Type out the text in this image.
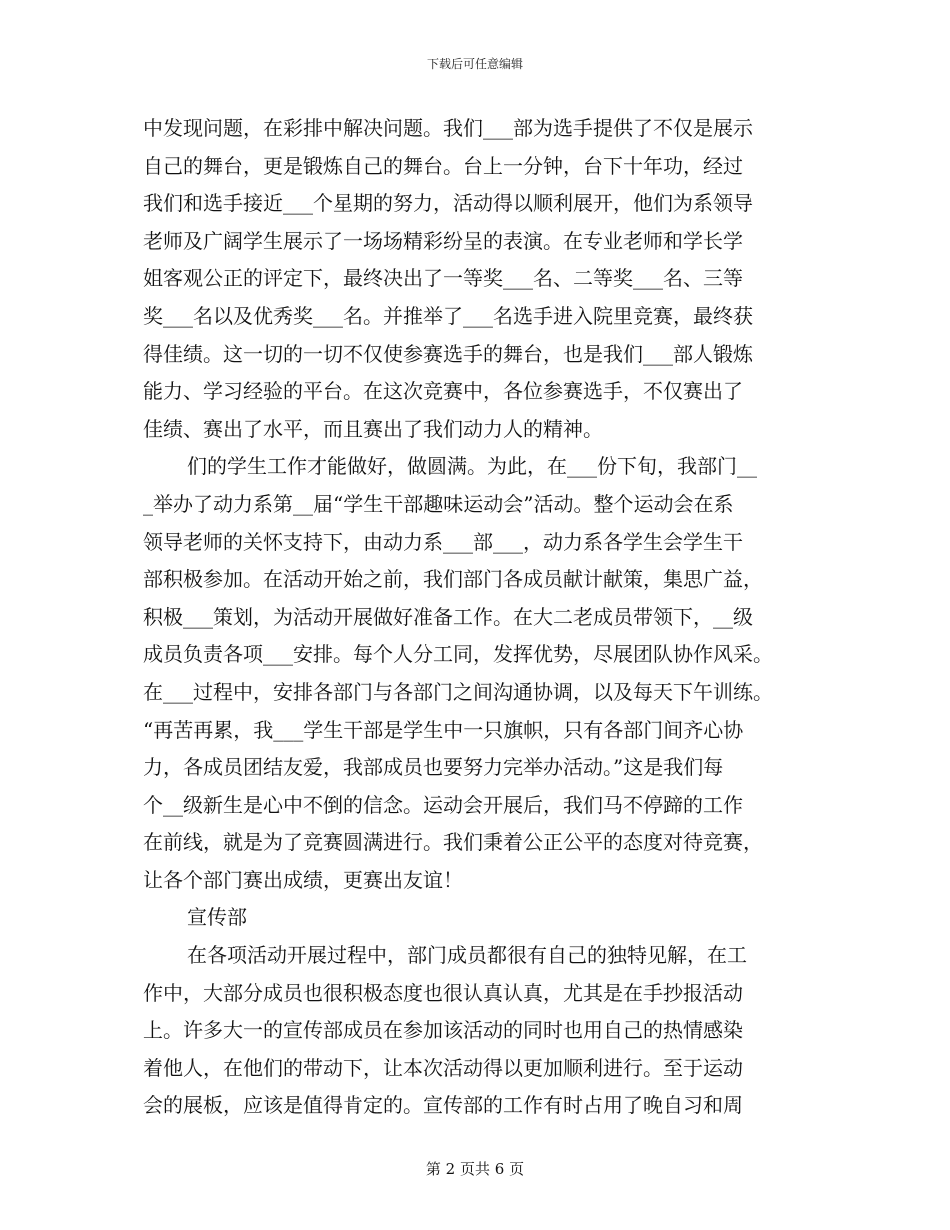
下载后可任意编辑
中发现问题，在彩排中解决问题。我们___部为选手提供了不仅是展示
自己的舞台，更是锻炼自己的舞台。台上一分钟，台下十年功，经过
我们和选手接近___个星期的努力，活动得以顺利展开，他们为系领导
老师及广阔学生展示了一场场精彩纷呈的表演。在专业老师和学长学
姐客观公正的评定下，最终决出了一等奖___名、二等奖___名、三等
奖___名以及优秀奖___名。并推举了___名选手进入院里竞赛，最终获
得佳绩。这一切的一切不仅使参赛选手的舞台，也是我们___部人锻炼
能力、学习经验的平台。在这次竞赛中，各位参赛选手，不仅赛出了
佳绩、赛出了水平，而且赛出了我们动力人的精神。
们的学生工作才能做好，做圆满。为此，在___份下旬，我部门__
_举办了动力系第__届“学生干部趣味运动会”活动。整个运动会在系
领导老师的关怀支持下，由动力系___部___，动力系各学生会学生干
部积极参加。在活动开始之前，我们部门各成员献计献策，集思广益，
积极___策划，为活动开展做好准备工作。在大二老成员带领下，__级
成员负责各项___安排。每个人分工同，发挥优势，尽展团队协作风采。
在___过程中，安排各部门与各部门之间沟通协调，以及每天下午训练。
“再苦再累，我___学生干部是学生中一只旗帜，只有各部门间齐心协
力，各成员团结友爱，我部成员也要努力完举办活动。”这是我们每
个__级新生是心中不倒的信念。运动会开展后，我们马不停蹄的工作
在前线，就是为了竞赛圆满进行。我们秉着公正公平的态度对待竞赛，
让各个部门赛出成绩，更赛出友谊！
宣传部
在各项活动开展过程中，部门成员都很有自己的独特见解，在工
作中，大部分成员也很积极态度也很认真认真，尤其是在手抄报活动
上。许多大一的宣传部成员在参加该活动的同时也用自己的热情感染
着他人，在他们的带动下，让本次活动得以更加顺利进行。至于运动
会的展板，应该是值得肯定的。宣传部的工作有时占用了晚自习和周
第 2 页共 6 页
